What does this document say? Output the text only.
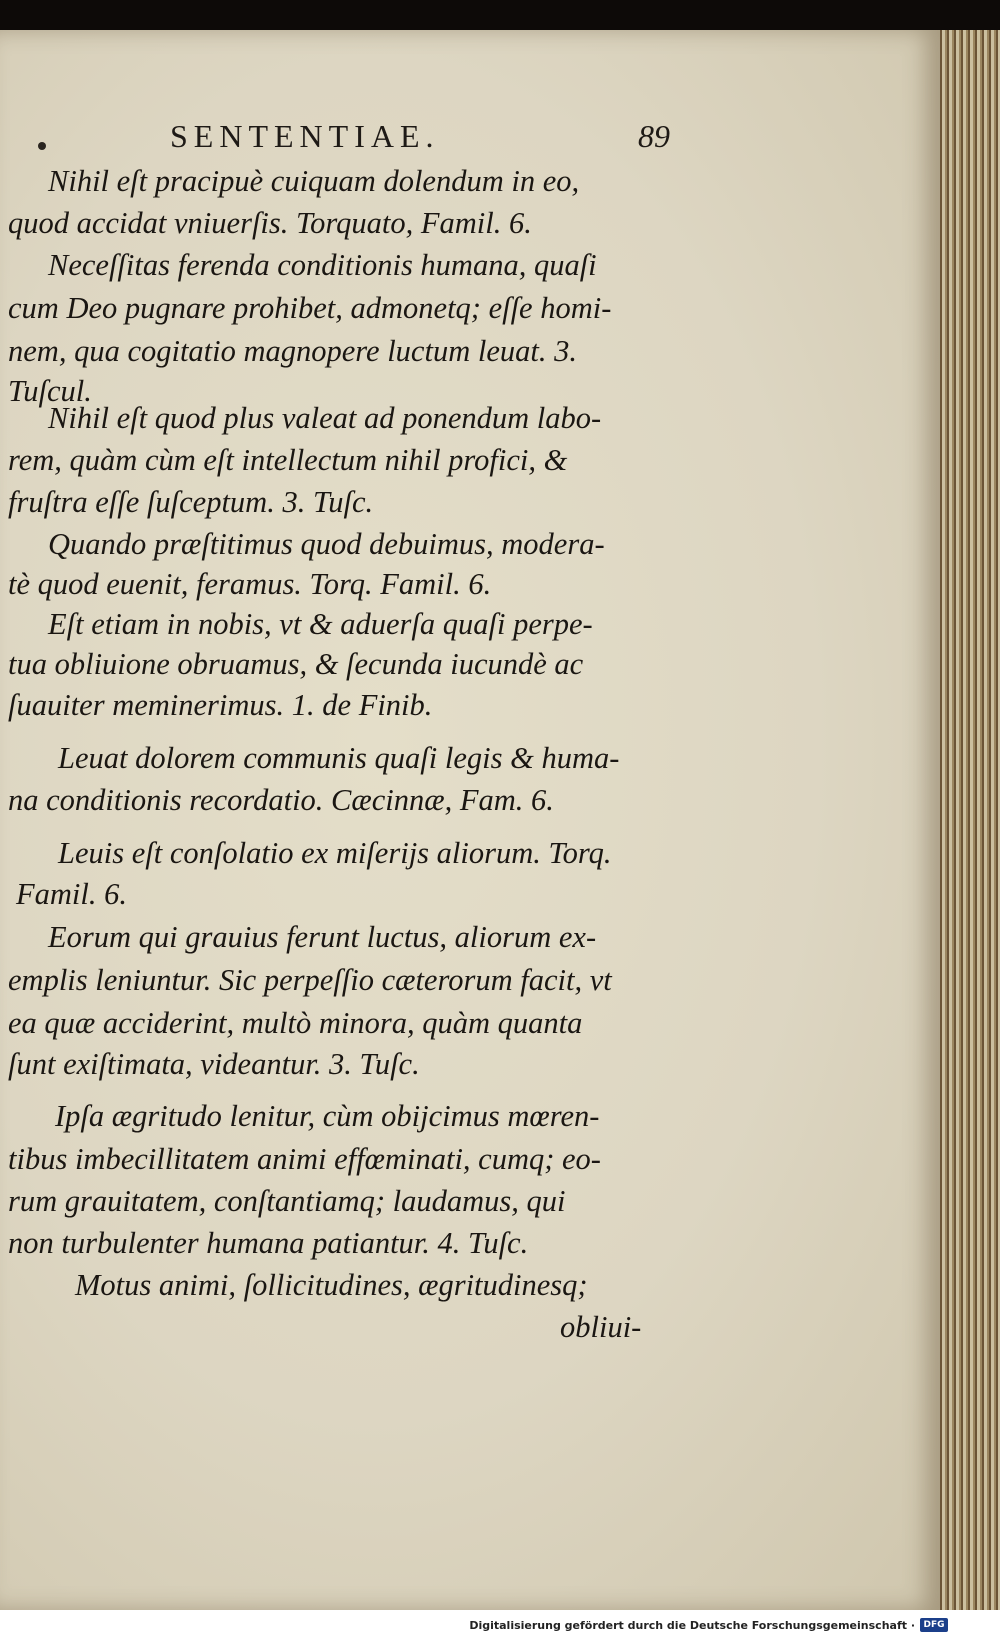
SENTENTIAE.	89
Nihil eſt pracipuè cuiquam dolendum in eo,
quod accidat vniuerſis. Torquato, Famil. 6.
Neceſſitas ferenda conditionis humana, quaſi
cum Deo pugnare prohibet, admonetq; eſſe homi-
nem, qua cogitatio magnopere luctum leuat. 3.
Tuſcul.
Nihil eſt quod plus valeat ad ponendum labo-
rem, quàm cùm eſt intellectum nihil profici, &
fruſtra eſſe ſuſceptum. 3. Tuſc.
Quando præſtitimus quod debuimus, modera-
tè quod euenit, feramus. Torq. Famil. 6.
Eſt etiam in nobis, vt & aduerſa quaſi perpe-
tua obliuione obruamus, & ſecunda iucundè ac
ſuauiter meminerimus. 1. de Finib.
Leuat dolorem communis quaſi legis & huma-
na conditionis recordatio. Cæcinnæ, Fam. 6.
Leuis eſt conſolatio ex miſerijs aliorum. Torq.
Famil. 6.
Eorum qui grauius ferunt luctus, aliorum ex-
emplis leniuntur. Sic perpeſſio cæterorum facit, vt
ea quæ acciderint, multò minora, quàm quanta
ſunt exiſtimata, videantur. 3. Tuſc.
Ipſa ægritudo lenitur, cùm obijcimus mœren-
tibus imbecillitatem animi effœminati, cumq; eo-
rum grauitatem, conſtantiamq; laudamus, qui
non turbulenter humana patiantur. 4. Tuſc.
Motus animi, ſollicitudines, ægritudinesq;
obliui-
Digitalisierung gefördert durch die Deutsche Forschungsgemeinschaft · DFG
